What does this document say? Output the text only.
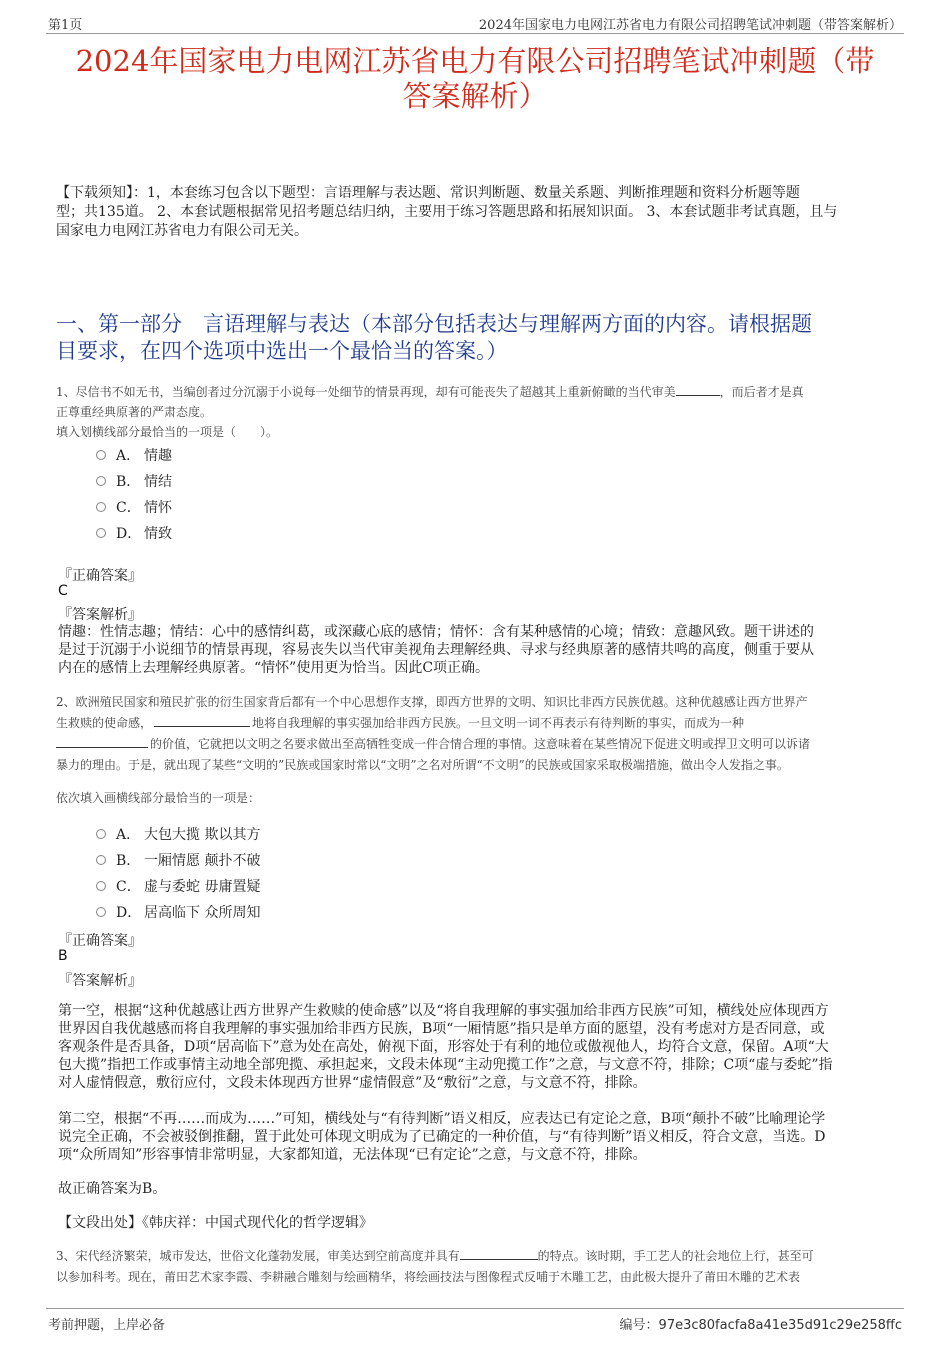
第1页	2024年国家电力电网江苏省电力有限公司招聘笔试冲刺题（带答案解析）
2024年国家电力电网江苏省电力有限公司招聘笔试冲刺题（带
答案解析）
【下载须知】：1，本套练习包含以下题型：言语理解与表达题、常识判断题、数量关系题、判断推理题和资料分析题等题
型；共135道。 2、本套试题根据常见招考题总结归纳，主要用于练习答题思路和拓展知识面。 3、本套试题非考试真题，且与
国家电力电网江苏省电力有限公司无关。
一、第一部分　言语理解与表达（本部分包括表达与理解两方面的内容。请根据题
目要求，在四个选项中选出一个最恰当的答案。）
1、尽信书不如无书，当编创者过分沉溺于小说每一处细节的情景再现，却有可能丧失了超越其上重新俯瞰的当代审美	，而后者才是真
正尊重经典原著的严肃态度。
填入划横线部分最恰当的一项是（　　）。
A． 情趣
B． 情结
C． 情怀
D． 情致
『正确答案』
C
『答案解析』
情趣：性情志趣；情结：心中的感情纠葛，或深藏心底的感情；情怀：含有某种感情的心境；情致：意趣风致。题干讲述的
是过于沉溺于小说细节的情景再现，容易丧失以当代审美视角去理解经典、寻求与经典原著的感情共鸣的高度，侧重于要从
内在的感情上去理解经典原著。“情怀”使用更为恰当。因此C项正确。
2、欧洲殖民国家和殖民扩张的衍生国家背后都有一个中心思想作支撑，即西方世界的文明、知识比非西方民族优越。这种优越感让西方世界产
生救赎的使命感，	地将自我理解的事实强加给非西方民族。一旦文明一词不再表示有待判断的事实，而成为一种
的价值，它就把以文明之名要求做出至高牺牲变成一件合情合理的事情。这意味着在某些情况下促进文明或捍卫文明可以诉诸
暴力的理由。于是，就出现了某些“文明的”民族或国家时常以“文明”之名对所谓“不文明”的民族或国家采取极端措施，做出令人发指之事。
依次填入画横线部分最恰当的一项是：
A． 大包大揽 欺以其方
B． 一厢情愿 颠扑不破
C． 虚与委蛇 毋庸置疑
D． 居高临下 众所周知
『正确答案』
B
『答案解析』
第一空，根据“这种优越感让西方世界产生救赎的使命感”以及“将自我理解的事实强加给非西方民族”可知，横线处应体现西方
世界因自我优越感而将自我理解的事实强加给非西方民族，B项“一厢情愿”指只是单方面的愿望，没有考虑对方是否同意，或
客观条件是否具备，D项“居高临下”意为处在高处，俯视下面，形容处于有利的地位或傲视他人，均符合文意，保留。A项“大
包大揽”指把工作或事情主动地全部兜揽、承担起来，文段未体现“主动兜揽工作”之意，与文意不符，排除；C项“虚与委蛇”指
对人虚情假意，敷衍应付，文段未体现西方世界“虚情假意”及“敷衍”之意，与文意不符，排除。
第二空，根据“不再……而成为……”可知，横线处与“有待判断”语义相反，应表达已有定论之意，B项“颠扑不破”比喻理论学
说完全正确，不会被驳倒推翻，置于此处可体现文明成为了已确定的一种价值，与“有待判断”语义相反，符合文意，当选。D
项“众所周知”形容事情非常明显，大家都知道，无法体现“已有定论”之意，与文意不符，排除。
故正确答案为B。
【文段出处】《韩庆祥：中国式现代化的哲学逻辑》
3、宋代经济繁荣，城市发达，世俗文化蓬勃发展，审美达到空前高度并具有	的特点。该时期，手工艺人的社会地位上行，甚至可
以参加科考。现在，莆田艺术家李霞、李耕融合雕刻与绘画精华，将绘画技法与图像程式反哺于木雕工艺，由此极大提升了莆田木雕的艺术表
考前押题，上岸必备	编号：97e3c80facfa8a41e35d91c29e258ffc
